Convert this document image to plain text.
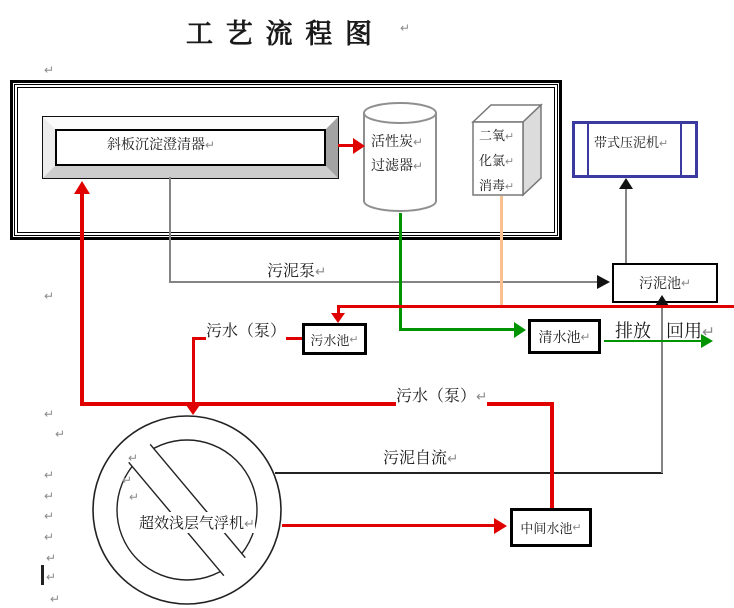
工 艺 流 程 图 ↵
斜板沉淀澄清器↵	活性炭↵
过滤器↵
二氧↵
化氯↵
消毒↵
带式压泥机↵
污泥池 ↵
污水池 ↵	清水池 ↵
中间水池 ↵
超效浅层气浮机↵
污泥泵↵
污泥自流↵
排放 回用↵
污水（泵）
污水（泵）↵
↵
↵
↵
↵
↵
↵
↵
↵
↵
↵
↵
↵
↵
↵
